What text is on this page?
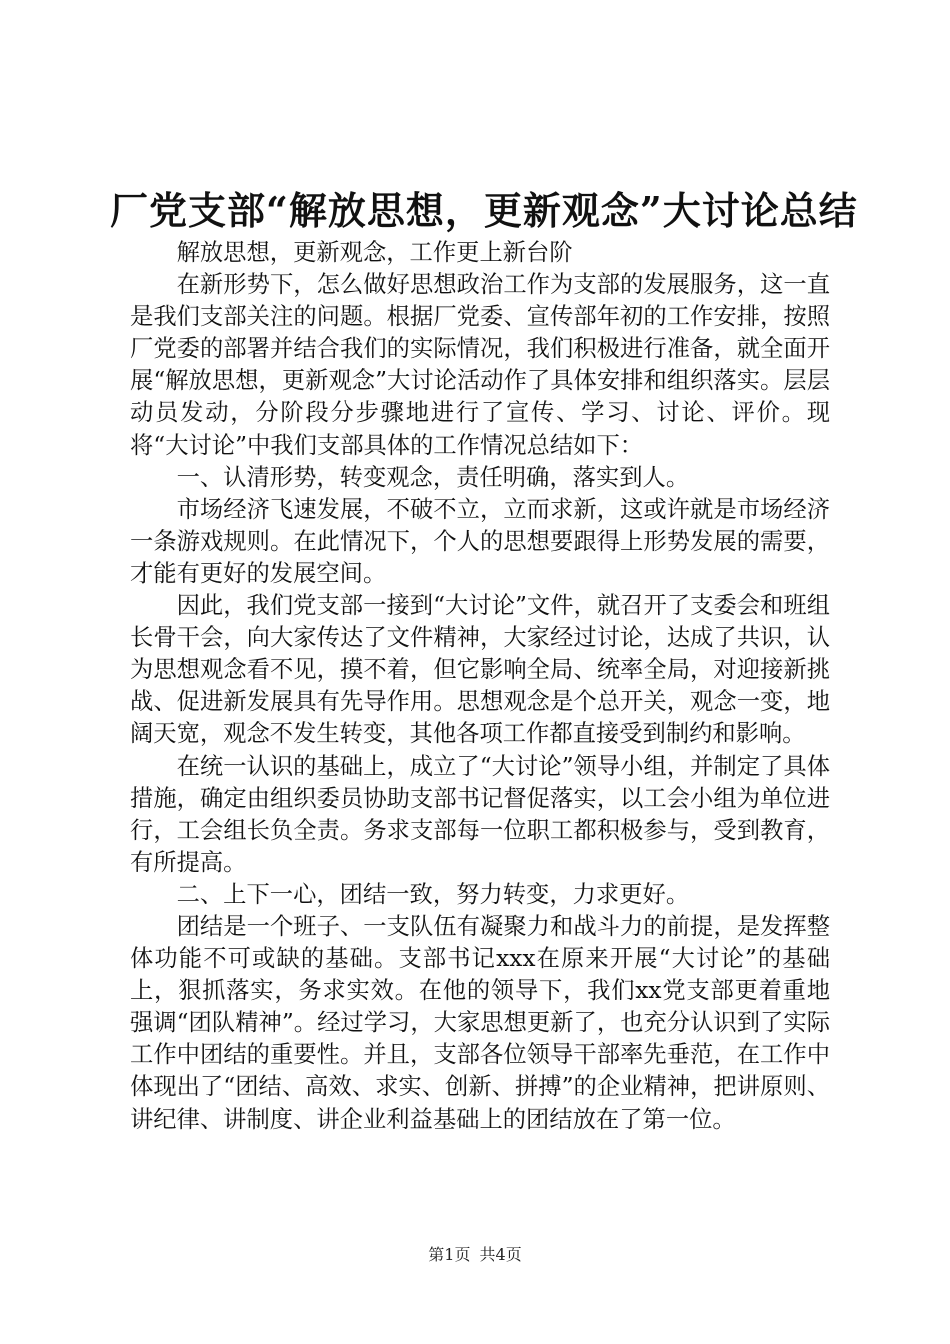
厂党支部“解放思想，更新观念”大讨论总结

解放思想，更新观念，工作更上新台阶

在新形势下，怎么做好思想政治工作为支部的发展服务，这一直是我们支部关注的问题。根据厂党委、宣传部年初的工作安排，按照厂党委的部署并结合我们的实际情况，我们积极进行准备，就全面开展“解放思想，更新观念”大讨论活动作了具体安排和组织落实。层层动员发动，分阶段分步骤地进行了宣传、学习、讨论、评价。现将“大讨论”中我们支部具体的工作情况总结如下：

一、认清形势，转变观念，责任明确，落实到人。

市场经济飞速发展，不破不立，立而求新，这或许就是市场经济一条游戏规则。在此情况下，个人的思想要跟得上形势发展的需要，才能有更好的发展空间。

因此，我们党支部一接到“大讨论”文件，就召开了支委会和班组长骨干会，向大家传达了文件精神，大家经过讨论，达成了共识，认为思想观念看不见，摸不着，但它影响全局、统率全局，对迎接新挑战、促进新发展具有先导作用。思想观念是个总开关，观念一变，地阔天宽，观念不发生转变，其他各项工作都直接受到制约和影响。

在统一认识的基础上，成立了“大讨论”领导小组，并制定了具体措施，确定由组织委员协助支部书记督促落实，以工会小组为单位进行，工会组长负全责。务求支部每一位职工都积极参与，受到教育，有所提高。

二、上下一心，团结一致，努力转变，力求更好。

团结是一个班子、一支队伍有凝聚力和战斗力的前提，是发挥整体功能不可或缺的基础。支部书记xxx在原来开展“大讨论”的基础上，狠抓落实，务求实效。在他的领导下，我们xx党支部更着重地强调“团队精神”。经过学习，大家思想更新了，也充分认识到了实际工作中团结的重要性。并且，支部各位领导干部率先垂范，在工作中体现出了“团结、高效、求实、创新、拼搏”的企业精神，把讲原则、讲纪律、讲制度、讲企业利益基础上的团结放在了第一位。

第1页 共4页
